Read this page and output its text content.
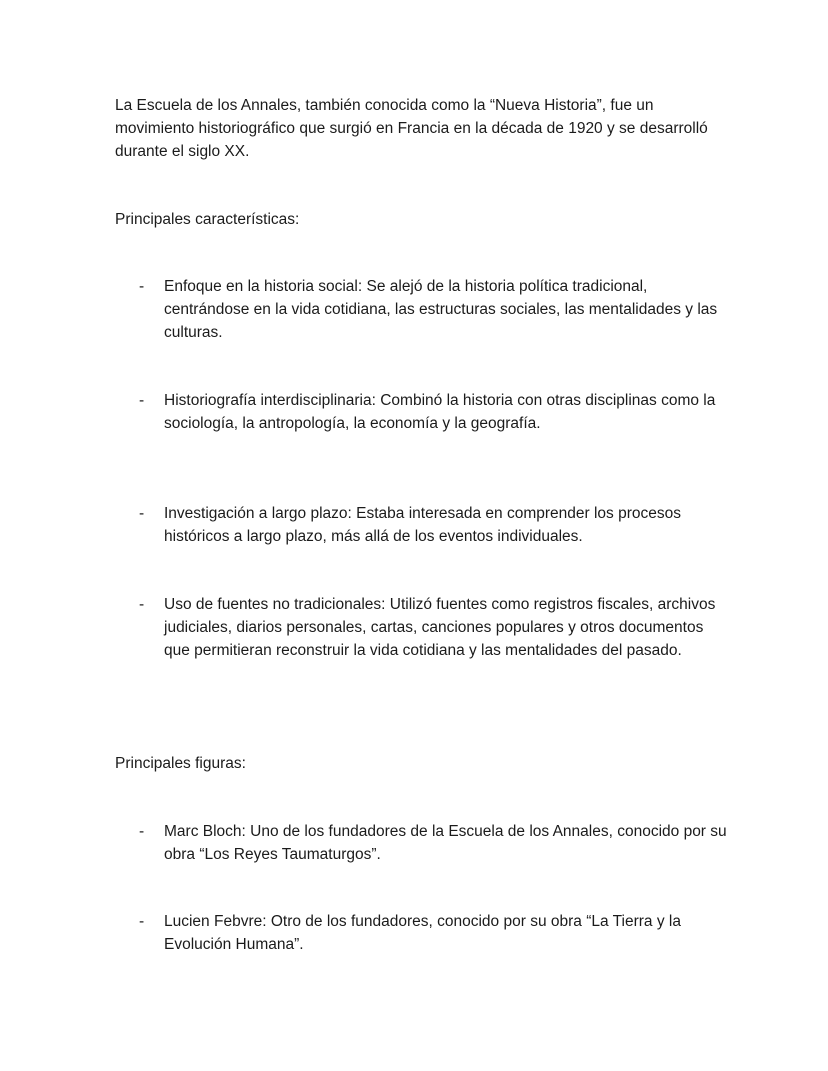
La Escuela de los Annales, también conocida como la “Nueva Historia”, fue un movimiento historiográfico que surgió en Francia en la década de 1920 y se desarrolló durante el siglo XX.

Principales características:

- Enfoque en la historia social: Se alejó de la historia política tradicional, centrándose en la vida cotidiana, las estructuras sociales, las mentalidades y las culturas.
- Historiografía interdisciplinaria: Combinó la historia con otras disciplinas como la sociología, la antropología, la economía y la geografía.
- Investigación a largo plazo: Estaba interesada en comprender los procesos históricos a largo plazo, más allá de los eventos individuales.
- Uso de fuentes no tradicionales: Utilizó fuentes como registros fiscales, archivos judiciales, diarios personales, cartas, canciones populares y otros documentos que permitieran reconstruir la vida cotidiana y las mentalidades del pasado.

Principales figuras:

- Marc Bloch: Uno de los fundadores de la Escuela de los Annales, conocido por su obra “Los Reyes Taumaturgos”.
- Lucien Febvre: Otro de los fundadores, conocido por su obra “La Tierra y la Evolución Humana”.
